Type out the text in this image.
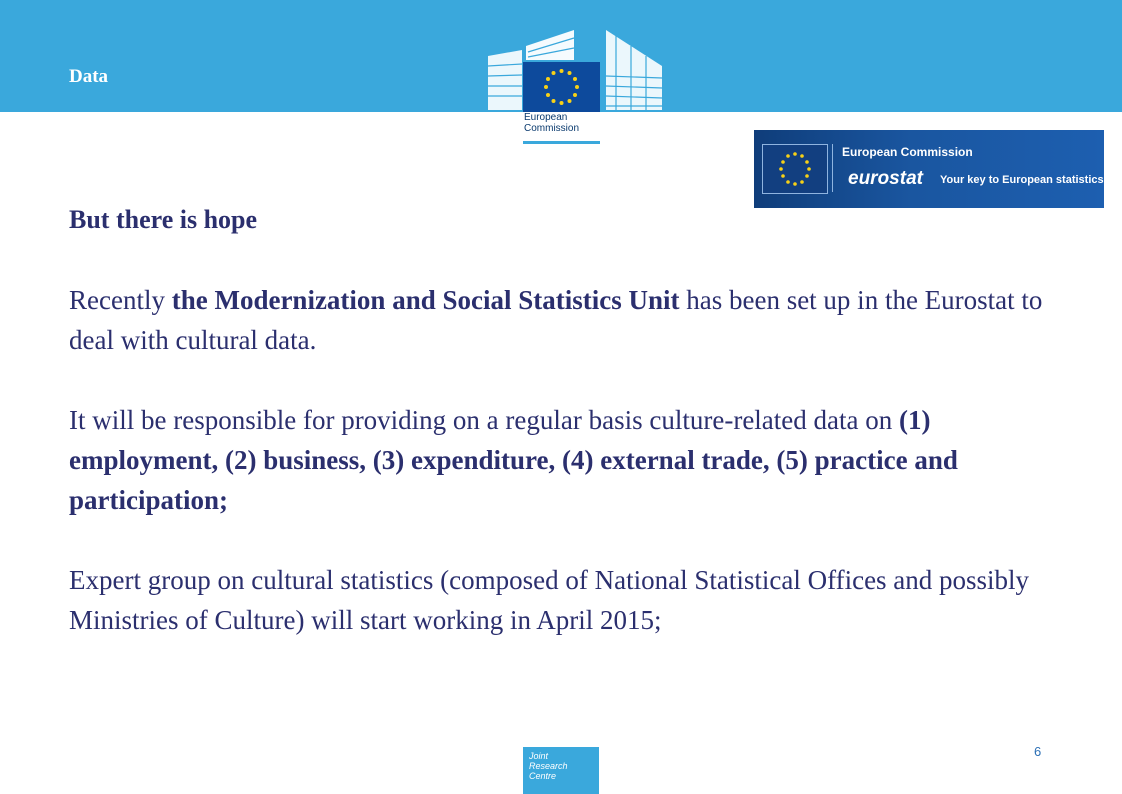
Data
European Commission
European Commission
eurostat Your key to European statistics

But there is hope

Recently the Modernization and Social Statistics Unit has been set up in the Eurostat to deal with cultural data.

It will be responsible for providing on a regular basis culture-related data on (1) employment, (2) business, (3) expenditure, (4) external trade, (5) practice and participation;

Expert group on cultural statistics (composed of National Statistical Offices and possibly Ministries of Culture) will start working in April 2015;

Joint Research Centre
6
